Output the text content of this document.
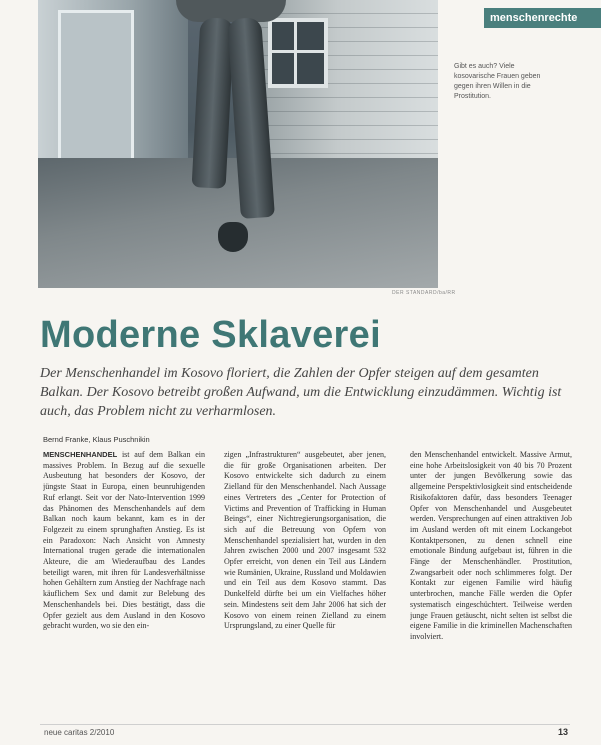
DER STANDARD/ba/RR
menschenrechte
Gibt es auch? Viele kosovarische Frauen geben gegen ihren Willen in die Prostitution.
Moderne Sklaverei

Der Menschenhandel im Kosovo floriert, die Zahlen der Opfer steigen auf dem gesamten Balkan. Der Kosovo betreibt großen Aufwand, um die Entwicklung einzudämmen. Wichtig ist auch, das Problem nicht zu verharmlosen.

Bernd Franke, Klaus Puschnikin

MENSCHENHANDEL ist auf dem Balkan ein massives Problem. In Bezug auf die sexuelle Ausbeutung hat besonders der Kosovo, der jüngste Staat in Europa, einen beunruhigenden Ruf erlangt. Seit vor der Nato-Intervention 1999 das Phänomen des Menschenhandels auf dem Balkan noch kaum bekannt, kam es in der Folgezeit zu einem sprunghaften Anstieg. Es ist ein Paradoxon: Nach Ansicht von Amnesty International trugen gerade die internationalen Akteure, die am Wiederaufbau des Landes beteiligt waren, mit ihren für Landesverhältnisse hohen Gehältern zum Anstieg der Nachfrage nach käuflichem Sex und damit zur Belebung des Menschenhandels bei. Dies bestätigt, dass die Opfer gezielt aus dem Ausland in den Kosovo gebracht wurden, wo sie den ein-

zigen „Infrastrukturen“ ausgebeutet, aber jenen, die für große Organisationen arbeiten. Der Kosovo entwickelte sich dadurch zu einem Zielland für den Menschenhandel. Nach Aussage eines Vertreters des „Center for Protection of Victims and Prevention of Trafficking in Human Beings“, einer Nichtregierungsorganisation, die sich auf die Betreuung von Opfern von Menschenhandel spezialisiert hat, wurden in den Jahren zwischen 2000 und 2007 insgesamt 532 Opfer erreicht, von denen ein Teil aus Ländern wie Rumänien, Ukraine, Russland und Moldawien und ein Teil aus dem Kosovo stammt. Das Dunkelfeld dürfte bei um ein Vielfaches höher sein. Mindestens seit dem Jahr 2006 hat sich der Kosovo von einem reinen Zielland zu einem Ursprungsland, zu einer Quelle für

den Menschenhandel entwickelt. Massive Armut, eine hohe Arbeitslosigkeit von 40 bis 70 Prozent unter der jungen Bevölkerung sowie das allgemeine Perspektivlosigkeit sind entscheidende Risikofaktoren dafür, dass besonders Teenager Opfer von Menschenhandel und Ausgebeutet werden. Versprechungen auf einen attraktiven Job im Ausland werden oft mit einem Lockangebot Kontaktpersonen, zu denen schnell eine emotionale Bindung aufgebaut ist, führen in die Fänge der Menschenhändler. Prostitution, Zwangsarbeit oder noch schlimmeres folgt. Der Kontakt zur eigenen Familie wird häufig unterbrochen, manche Fälle werden die Opfer systematisch eingeschüchtert. Teilweise werden junge Frauen getäuscht, nicht selten ist selbst die eigene Familie in die kriminellen Machenschaften involviert.

neue caritas 2/2010	13
